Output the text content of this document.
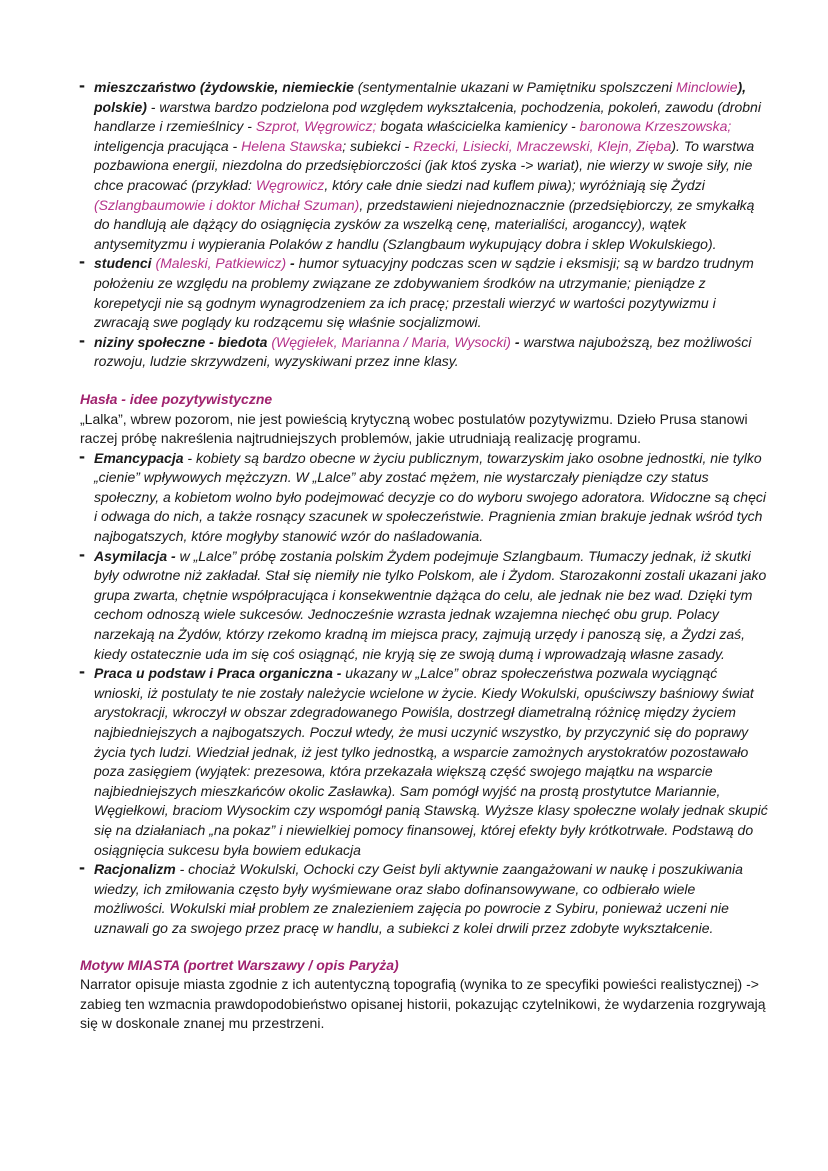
- mieszczaństwo (żydowskie, niemieckie (sentymentalnie ukazani w Pamiętniku spolszczeni Minclowie), polskie) - warstwa bardzo podzielona pod względem wykształcenia, pochodzenia, pokoleń, zawodu (drobni handlarze i rzemieślnicy - Szprot, Węgrowicz; bogata właścicielka kamienicy - baronowa Krzeszowska; inteligencja pracująca - Helena Stawska; subiekci - Rzecki, Lisiecki, Mraczewski, Klejn, Zięba). To warstwa pozbawiona energii, niezdolna do przedsiębiorczości (jak ktoś zyska -> wariat), nie wierzy w swoje siły, nie chce pracować (przykład: Węgrowicz, który całe dnie siedzi nad kuflem piwa); wyróżniają się Żydzi (Szlangbaumowie i doktor Michał Szuman), przedstawieni niejednoznacznie (przedsiębiorczy, ze smykałką do handlują ale dążący do osiągnięcia zysków za wszelką cenę, materialiści, aroganccy), wątek antysemityzmu i wypierania Polaków z handlu (Szlangbaum wykupujący dobra i sklep Wokulskiego).
- studenci (Maleski, Patkiewicz) - humor sytuacyjny podczas scen w sądzie i eksmisji; są w bardzo trudnym położeniu ze względu na problemy związane ze zdobywaniem środków na utrzymanie; pieniądze z korepetycji nie są godnym wynagrodzeniem za ich pracę; przestali wierzyć w wartości pozytywizmu i zwracają swe poglądy ku rodzącemu się właśnie socjalizmowi.
- niziny społeczne - biedota (Węgiełek, Marianna / Maria, Wysocki) - warstwa najuboższą, bez możliwości rozwoju, ludzie skrzywdzeni, wyzyskiwani przez inne klasy.

Hasła - idee pozytywistyczne

„Lalka”, wbrew pozorom, nie jest powieścią krytyczną wobec postulatów pozytywizmu. Dzieło Prusa stanowi raczej próbę nakreślenia najtrudniejszych problemów, jakie utrudniają realizację programu.

- Emancypacja - kobiety są bardzo obecne w życiu publicznym, towarzyskim jako osobne jednostki, nie tylko „cienie” wpływowych mężczyzn. W „Lalce” aby zostać mężem, nie wystarczały pieniądze czy status społeczny, a kobietom wolno było podejmować decyzje co do wyboru swojego adoratora. Widoczne są chęci i odwaga do nich, a także rosnący szacunek w społeczeństwie. Pragnienia zmian brakuje jednak wśród tych najbogatszych, które mogłyby stanowić wzór do naśladowania.
- Asymilacja - w „Lalce” próbę zostania polskim Żydem podejmuje Szlangbaum. Tłumaczy jednak, iż skutki były odwrotne niż zakładał. Stał się niemiły nie tylko Polskom, ale i Żydom. Starozakonni zostali ukazani jako grupa zwarta, chętnie współpracująca i konsekwentnie dążąca do celu, ale jednak nie bez wad. Dzięki tym cechom odnoszą wiele sukcesów. Jednocześnie wzrasta jednak wzajemna niechęć obu grup. Polacy narzekają na Żydów, którzy rzekomo kradną im miejsca pracy, zajmują urzędy i panoszą się, a Żydzi zaś, kiedy ostatecznie uda im się coś osiągnąć, nie kryją się ze swoją dumą i wprowadzają własne zasady.
- Praca u podstaw i Praca organiczna - ukazany w „Lalce” obraz społeczeństwa pozwala wyciągnąć wnioski, iż postulaty te nie zostały należycie wcielone w życie. Kiedy Wokulski, opuściwszy baśniowy świat arystokracji, wkroczył w obszar zdegradowanego Powiśla, dostrzegł diametralną różnicę między życiem najbiedniejszych a najbogatszych. Poczuł wtedy, że musi uczynić wszystko, by przyczynić się do poprawy życia tych ludzi. Wiedział jednak, iż jest tylko jednostką, a wsparcie zamożnych arystokratów pozostawało poza zasięgiem (wyjątek: prezesowa, która przekazała większą część swojego majątku na wsparcie najbiedniejszych mieszkańców okolic Zasławka). Sam pomógł wyjść na prostą prostytutce Mariannie, Węgiełkowi, braciom Wysockim czy wspomógł panią Stawską. Wyższe klasy społeczne wolały jednak skupić się na działaniach „na pokaz” i niewielkiej pomocy finansowej, której efekty były krótkotrwałe. Podstawą do osiągnięcia sukcesu była bowiem edukacja
- Racjonalizm - chociaż Wokulski, Ochocki czy Geist byli aktywnie zaangażowani w naukę i poszukiwania wiedzy, ich zmiłowania często były wyśmiewane oraz słabo dofinansowywane, co odbierało wiele możliwości. Wokulski miał problem ze znalezieniem zajęcia po powrocie z Sybiru, ponieważ uczeni nie uznawali go za swojego przez pracę w handlu, a subiekci z kolei drwili przez zdobyte wykształcenie.

Motyw MIASTA (portret Warszawy / opis Paryża)

Narrator opisuje miasta zgodnie z ich autentyczną topografią (wynika to ze specyfiki powieści realistycznej) -> zabieg ten wzmacnia prawdopodobieństwo opisanej historii, pokazując czytelnikowi, że wydarzenia rozgrywają się w doskonale znanej mu przestrzeni.
